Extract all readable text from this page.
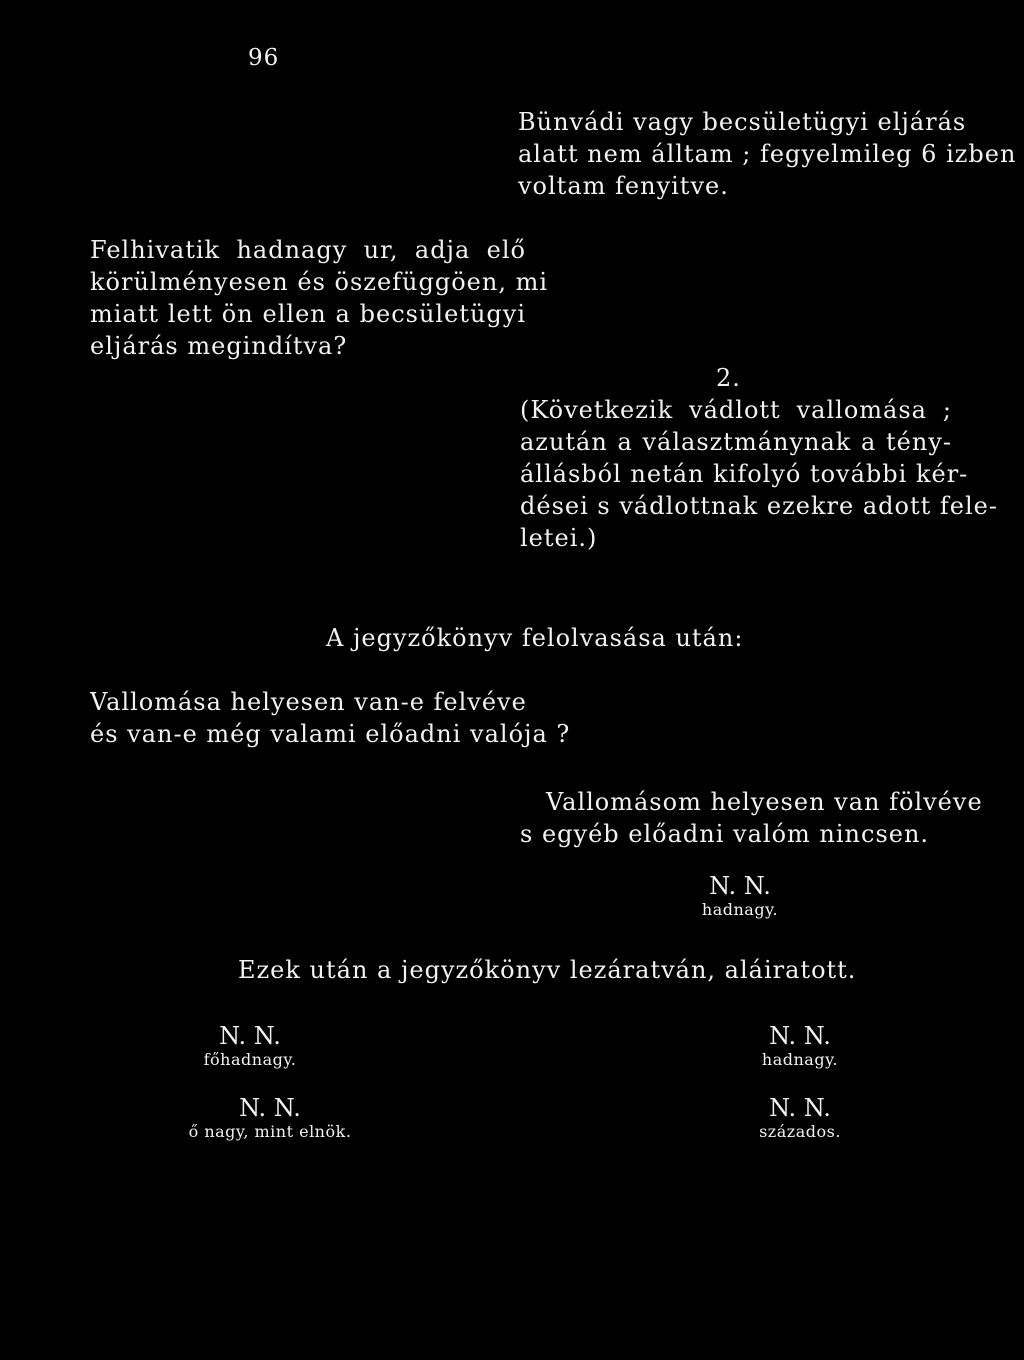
96
Bünvádi vagy becsületügyi eljárás
alatt nem álltam ; fegyelmileg 6 izben
voltam fenyitve.
Felhivatik hadnagy ur, adja elő
körülményesen és öszefüggöen, mi
miatt lett ön ellen a becsületügyi
eljárás megindítva?
2.
(Következik vádlott vallomása ;
azután a választmánynak a tény-
állásból netán kifolyó további kér-
dései s vádlottnak ezekre adott fele-
letei.)
A jegyzőkönyv felolvasása után:
Vallomása helyesen van-e felvéve
és van-e még valami előadni valója ?
Vallomásom helyesen van fölvéve
s egyéb előadni valóm nincsen.
N. N.
hadnagy.
Ezek után a jegyzőkönyv lezáratván, aláiratott.
N. N.
főhadnagy.
N. N.
hadnagy.
N. N.
ő nagy, mint elnök.
N. N.
százados.
